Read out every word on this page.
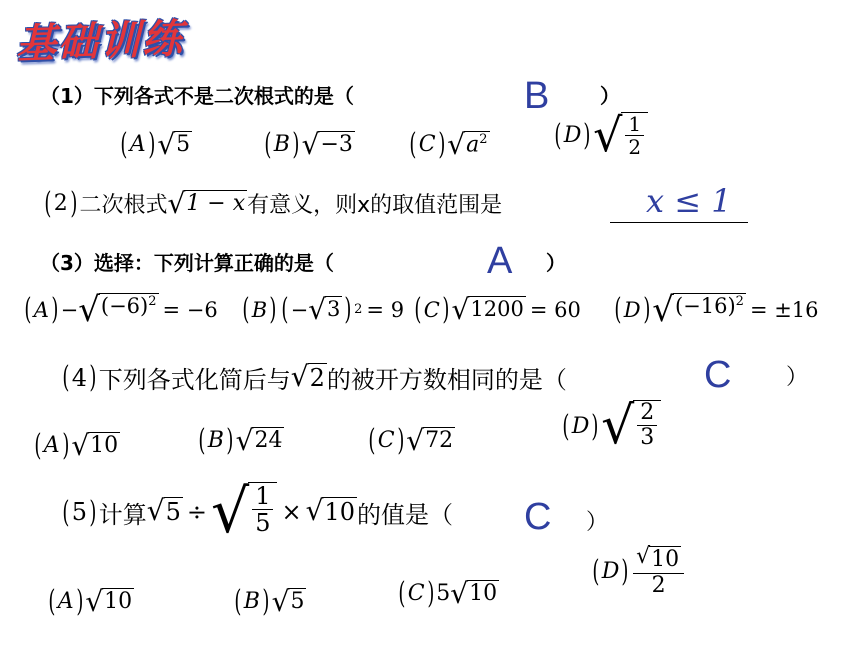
基础训练
（1）下列各式不是二次根式的是（	B	）
( A ) √ 5 ( B ) √ −3 ( C ) √ $a^2$ ( D ) √ $\frac{1}{2}$
( 2 ) 二次根式 √ 1 − x 有意义，则x的取值范围是	x ≤ 1
（3）选择：下列计算正确的是（	A ）
( A ) − √ $(-6)^2 = -6$ ( B ) ( − √ 3 ) 2 = 9 ( C ) √ 1200 = 60 ( D ) √ $(-16)^2 = \pm 16$
( 4 ) 下列各式化简后与 √ 2 的被开方数相同的是（	C ）
( A ) √ 10	( B ) √ 24	( C ) √ 72	( D ) √ $\frac{2}{3}$
( 5 ) 计算 √ 5 ÷ √ $\frac{1}{5}$ × √ 10 的值是（ C ）
( A ) √ 10	( B ) √ 5	( C ) 5 √ 10
( D ) $\frac{√ 10}{2}$
